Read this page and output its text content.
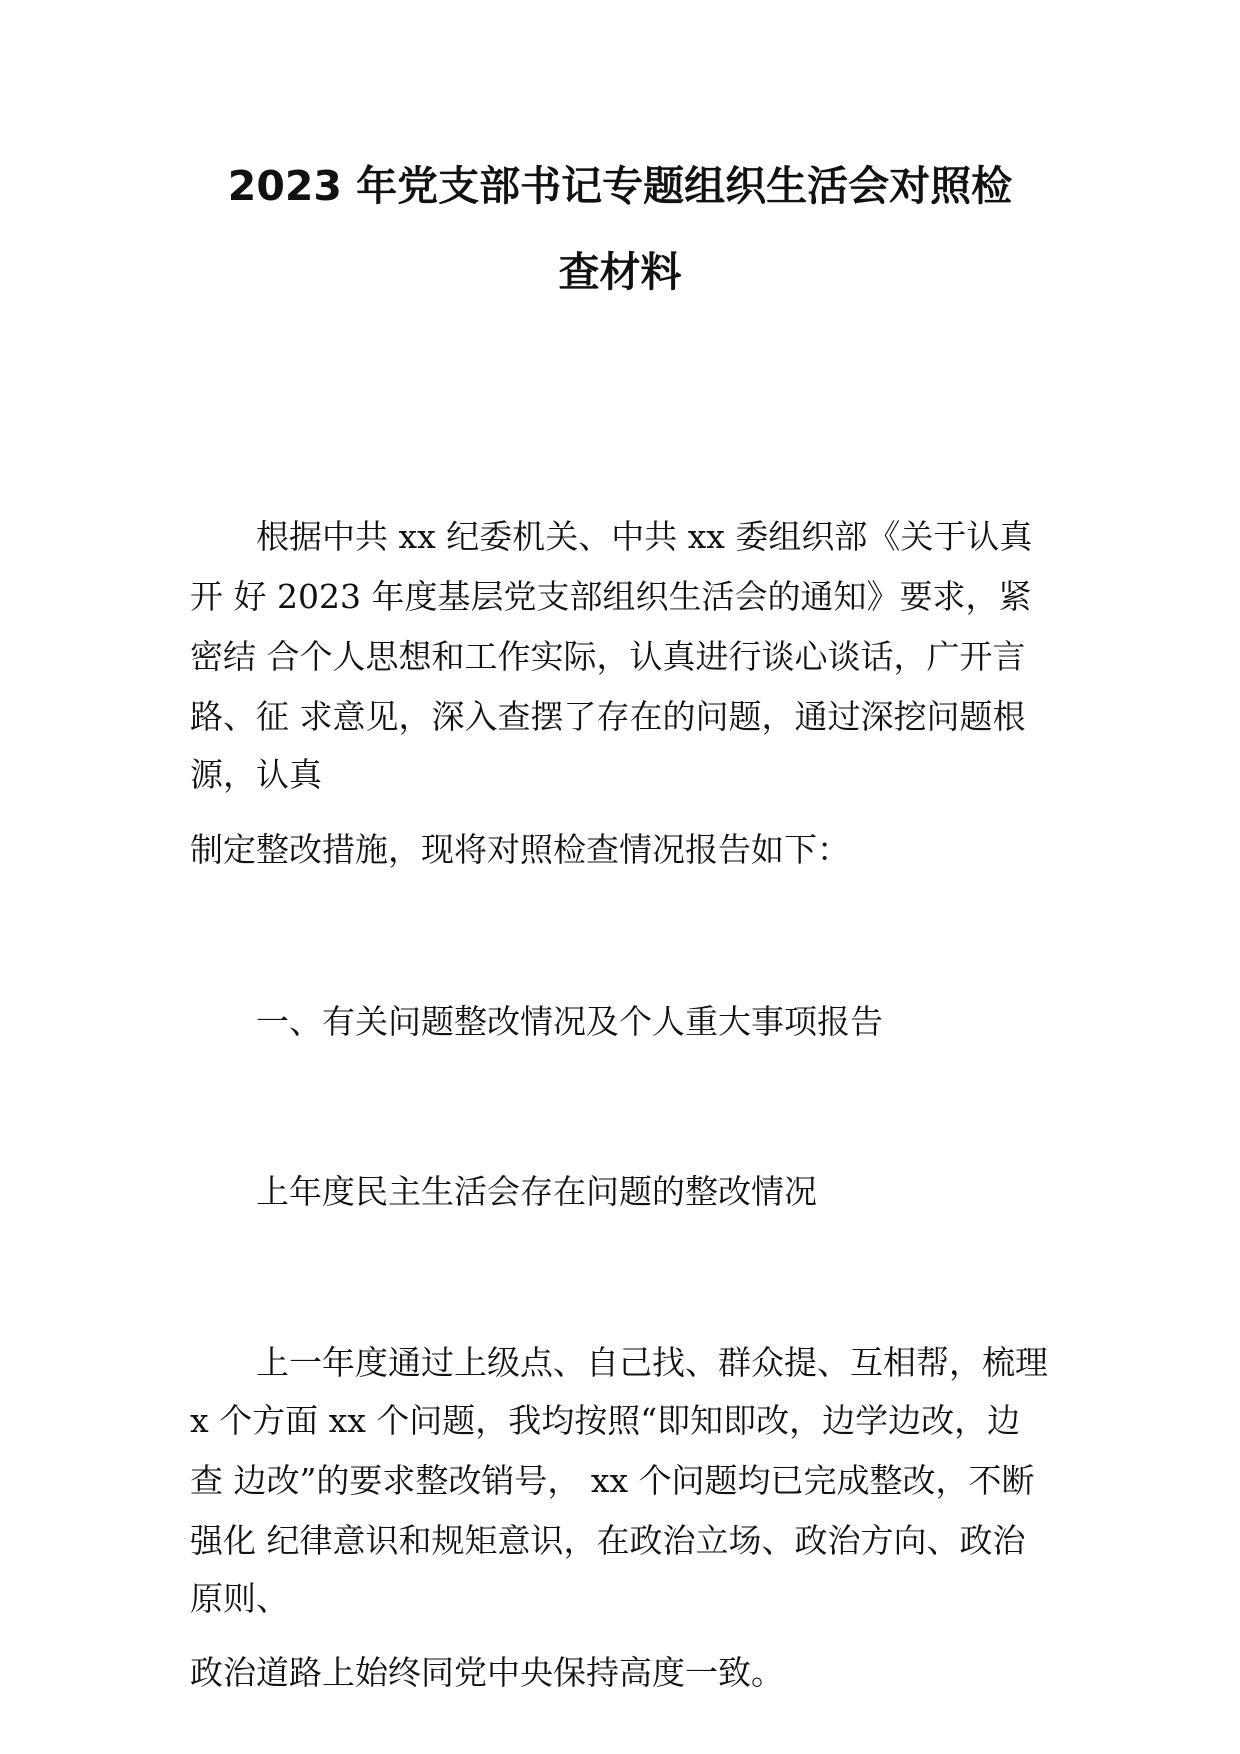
2023 年党支部书记专题组织生活会对照检
查材料

　　根据中共 xx 纪委机关、中共 xx 委组织部《关于认真

开 好 2023 年度基层党支部组织生活会的通知》要求，紧

密结 合个人思想和工作实际，认真进行谈心谈话，广开言

路、征 求意见，深入查摆了存在的问题，通过深挖问题根

源，认真

制定整改措施，现将对照检查情况报告如下：

　　一、有关问题整改情况及个人重大事项报告

　　上年度民主生活会存在问题的整改情况

　　上一年度通过上级点、自己找、群众提、互相帮，梳理

x 个方面 xx 个问题，我均按照“即知即改，边学边改，边

查 边改”的要求整改销号， xx 个问题均已完成整改，不断

强化 纪律意识和规矩意识，在政治立场、政治方向、政治

原则、

政治道路上始终同党中央保持高度一致。
